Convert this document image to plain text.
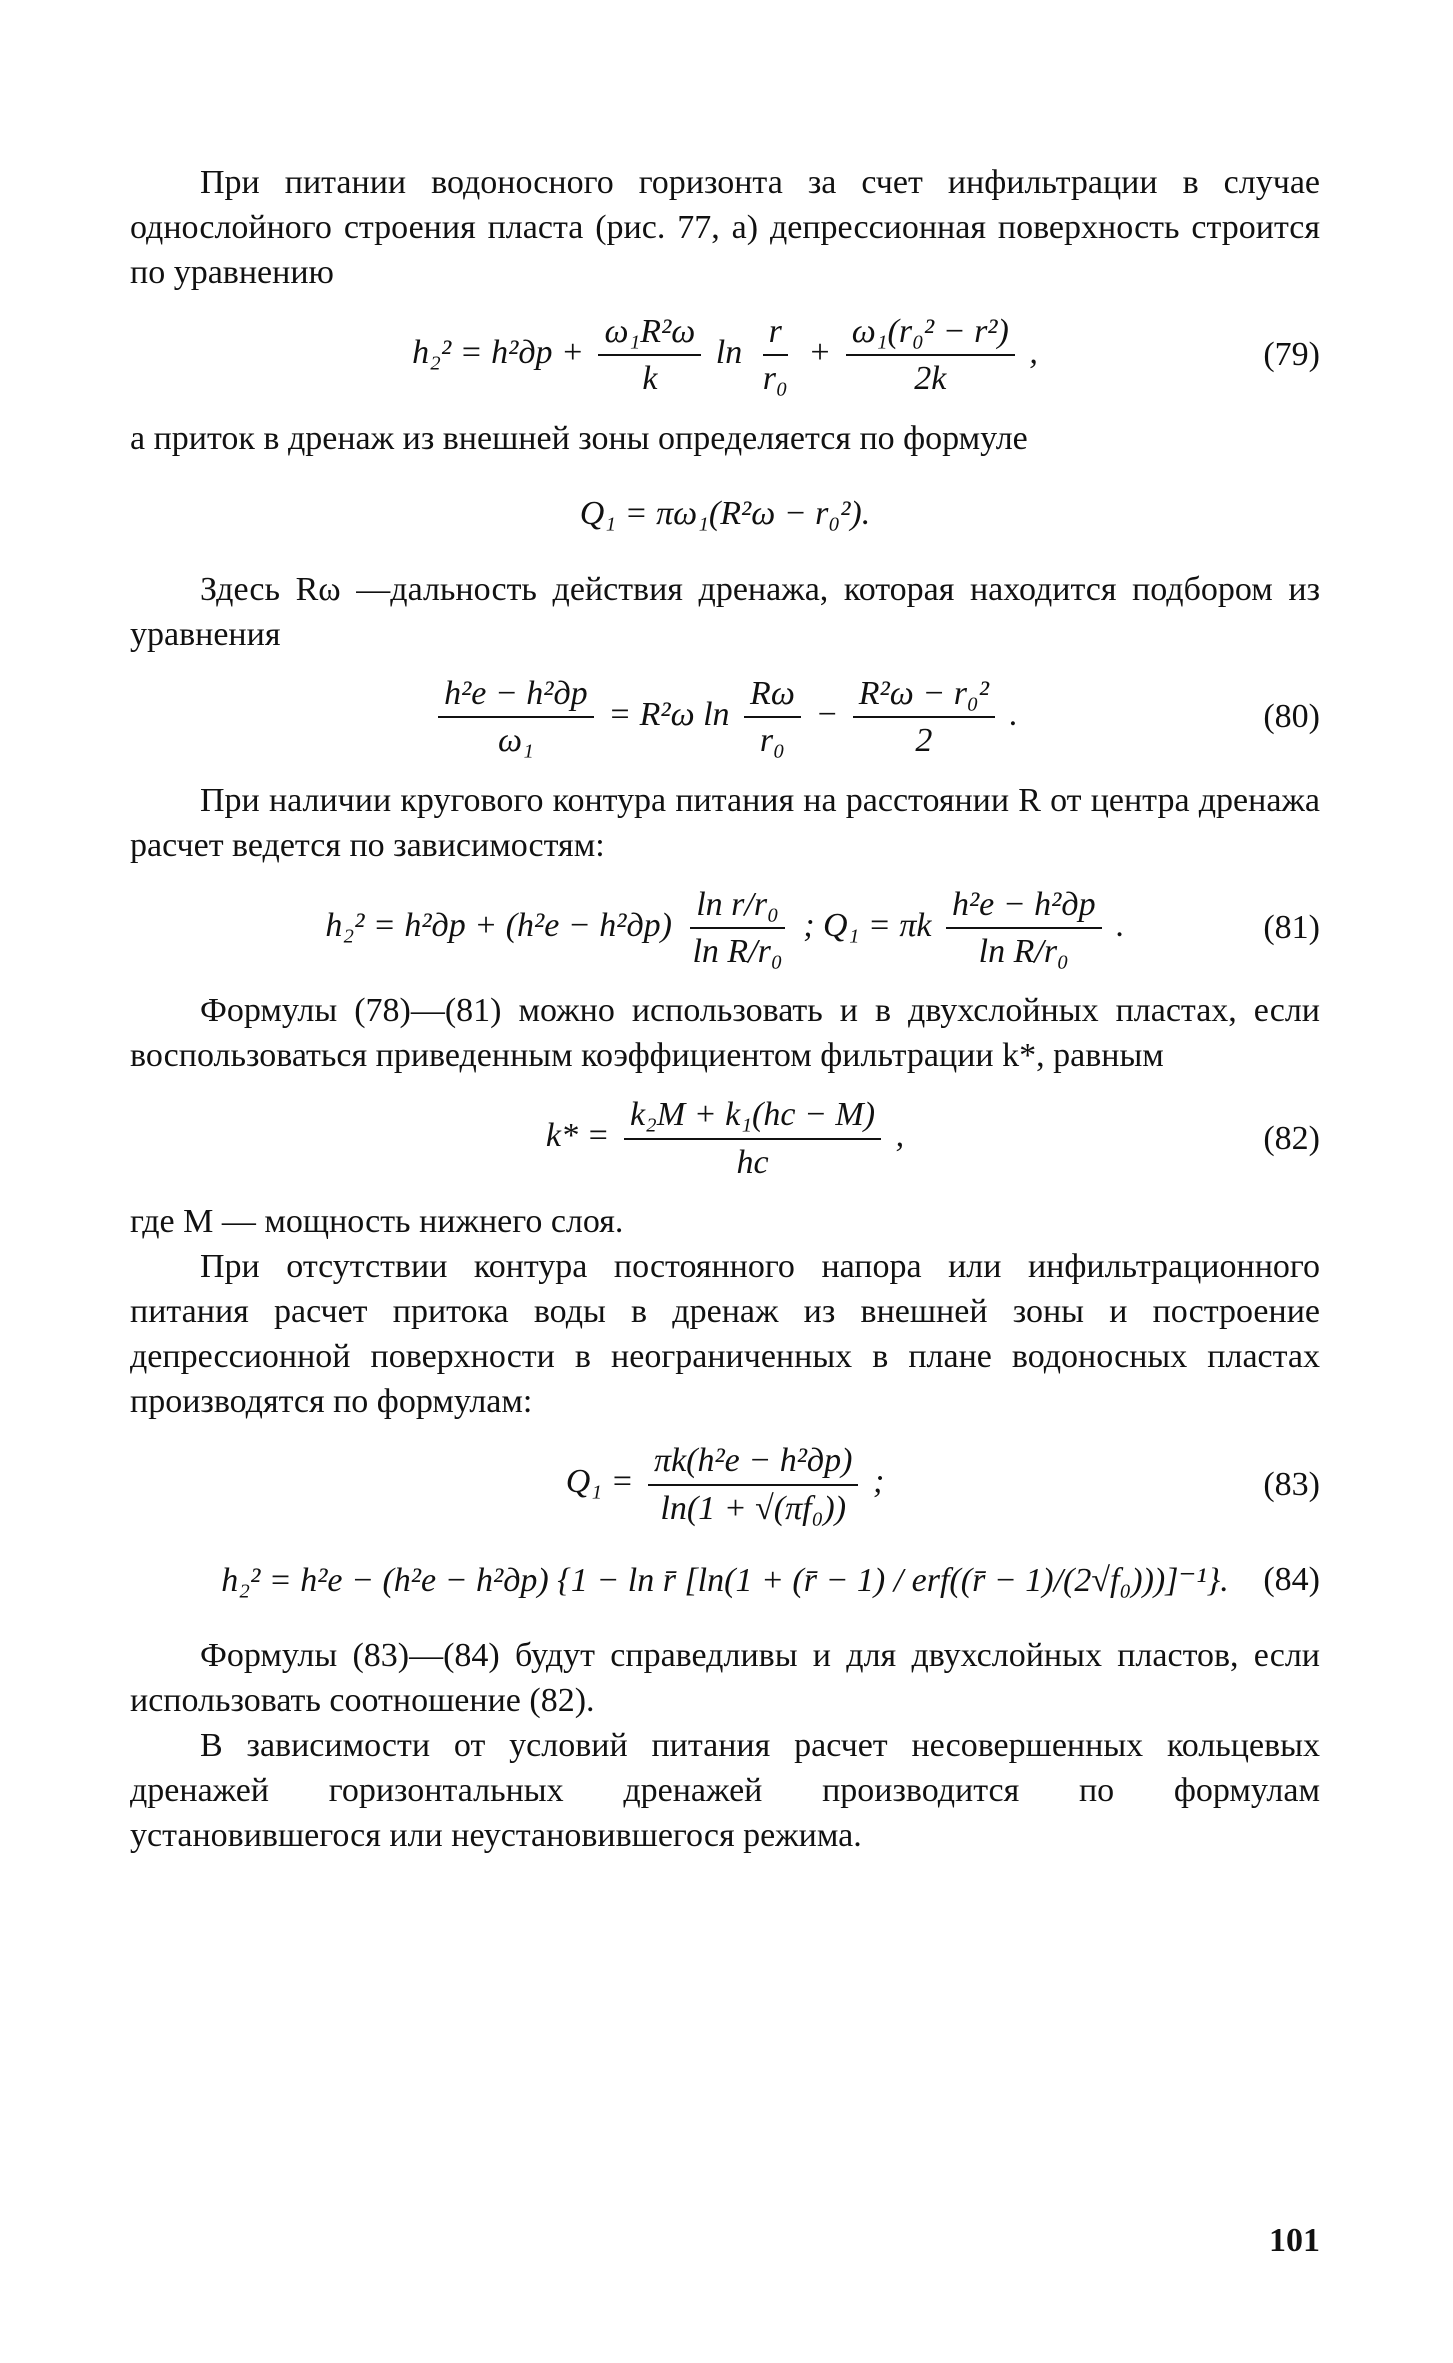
При питании водоносного горизонта за счет инфильтрации в случае однослойного строения пласта (рис. 77, а) депрессионная поверхность строится по уравнению

$h_2^2 = h^2др + \frac{\text{ω₁R²ω}}{k}$ $\ln \frac{r}{\text{r₀}} + \frac{\text{ω₁(r₀² − r²)}}{2k}$ ,	(79)

а приток в дренаж из внешней зоны определяется по формуле

Q₁ = πω₁(R²ω − r₀²).

Здесь Rω —дальность действия дренажа, которая находится подбором из уравнения

$\frac{\text{h²e − h²др}}{\text{ω₁}} = R^2\omega$ $\ln \frac{R\omega}{\text{r₀}} - \frac{\text{R²ω − r₀²}}{2}$ .	(80)

При наличии кругового контура питания на расстоянии R от центра дренажа расчет ведется по зависимостям:

$h_2^2 = h^2др + (h^2e - h^2др) \frac{\text{ln r/r₀}}{\text{ln R/r₀}}$ ; Q₁ = πk $\frac{\text{h²e − h²др}}{\text{ln R/r₀}}$ .	(81)

Формулы (78)—(81) можно использовать и в двухслойных пластах, если воспользоваться приведенным коэффициентом фильтрации k*, равным

$k* = \frac{\text{k₂M + k₁(hc − M)}}{hc}$ ,	(82)

где M — мощность нижнего слоя.

При отсутствии контура постоянного напора или инфильтрационного питания расчет притока воды в дренаж из внешней зоны и построение депрессионной поверхности в неограниченных в плане водоносных пластах производятся по формулам:

$Q_1 = \frac{\text{πk(h²e − h²др)}}{\text{ln(1 + √(πf₀))}}$ ;	(83)
h₂² = h²e − (h²e − h²др) {1 − ln r̄ [ln(1 + (r̄ − 1) / erf((r̄ − 1)/(2√f₀)))]⁻¹}. (84)

Формулы (83)—(84) будут справедливы и для двухслойных пластов, если использовать соотношение (82).

В зависимости от условий питания расчет несовершенных кольцевых дренажей горизонтальных дренажей производится по формулам установившегося или неустановившегося режима.

101
